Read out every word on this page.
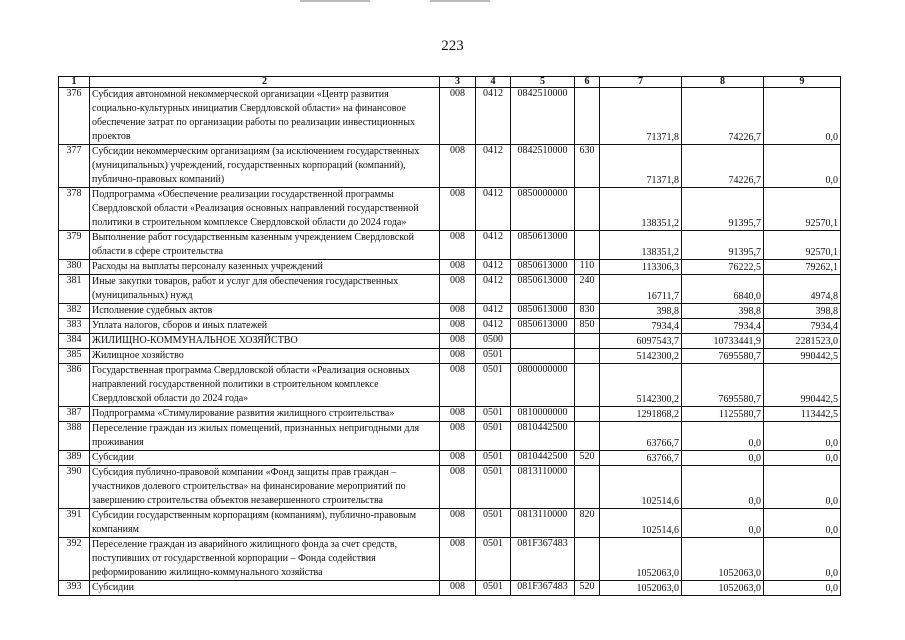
223
1	2	3	4	5	6	7	8	9
376	Субсидия автономной некоммерческой организации «Центр развития социально-культурных инициатив Свердловской области» на финансовое обеспечение затрат по организации работы по реализации инвестиционных проектов	008	0412	0842510000		71371,8	74226,7	0,0
377	Субсидии некоммерческим организациям (за исключением государственных (муниципальных) учреждений, государственных корпораций (компаний), публично-правовых компаний)	008	0412	0842510000	630	71371,8	74226,7	0,0
378	Подпрограмма «Обеспечение реализации государственной программы Свердловской области «Реализация основных направлений государственной политики в строительном комплексе Свердловской области до 2024 года»	008	0412	0850000000		138351,2	91395,7	92570,1
379	Выполнение работ государственным казенным учреждением Свердловской области в сфере строительства	008	0412	0850613000		138351,2	91395,7	92570,1
380	Расходы на выплаты персоналу казенных учреждений	008	0412	0850613000	110	113306,3	76222,5	79262,1
381	Иные закупки товаров, работ и услуг для обеспечения государственных (муниципальных) нужд	008	0412	0850613000	240	16711,7	6840,0	4974,8
382	Исполнение судебных актов	008	0412	0850613000	830	398,8	398,8	398,8
383	Уплата налогов, сборов и иных платежей	008	0412	0850613000	850	7934,4	7934,4	7934,4
384	ЖИЛИЩНО-КОММУНАЛЬНОЕ ХОЗЯЙСТВО	008	0500			6097543,7	10733441,9	2281523,0
385	Жилищное хозяйство	008	0501			5142300,2	7695580,7	990442,5
386	Государственная программа Свердловской области «Реализация основных направлений государственной политики в строительном комплексе Свердловской области до 2024 года»	008	0501	0800000000		5142300,2	7695580,7	990442,5
387	Подпрограмма «Стимулирование развития жилищного строительства»	008	0501	0810000000		1291868,2	1125580,7	113442,5
388	Переселение граждан из жилых помещений, признанных непригодными для проживания	008	0501	0810442500		63766,7	0,0	0,0
389	Субсидии	008	0501	0810442500	520	63766,7	0,0	0,0
390	Субсидия публично-правовой компании «Фонд защиты прав граждан – участников долевого строительства» на финансирование мероприятий по завершению строительства объектов незавершенного строительства	008	0501	0813110000		102514,6	0,0	0,0
391	Субсидии государственным корпорациям (компаниям), публично-правовым компаниям	008	0501	0813110000	820	102514,6	0,0	0,0
392	Переселение граждан из аварийного жилищного фонда за счет средств, поступивших от государственной корпорации – Фонда содействия реформированию жилищно-коммунального хозяйства	008	0501	081F367483		1052063,0	1052063,0	0,0
393	Субсидии	008	0501	081F367483	520	1052063,0	1052063,0	0,0
